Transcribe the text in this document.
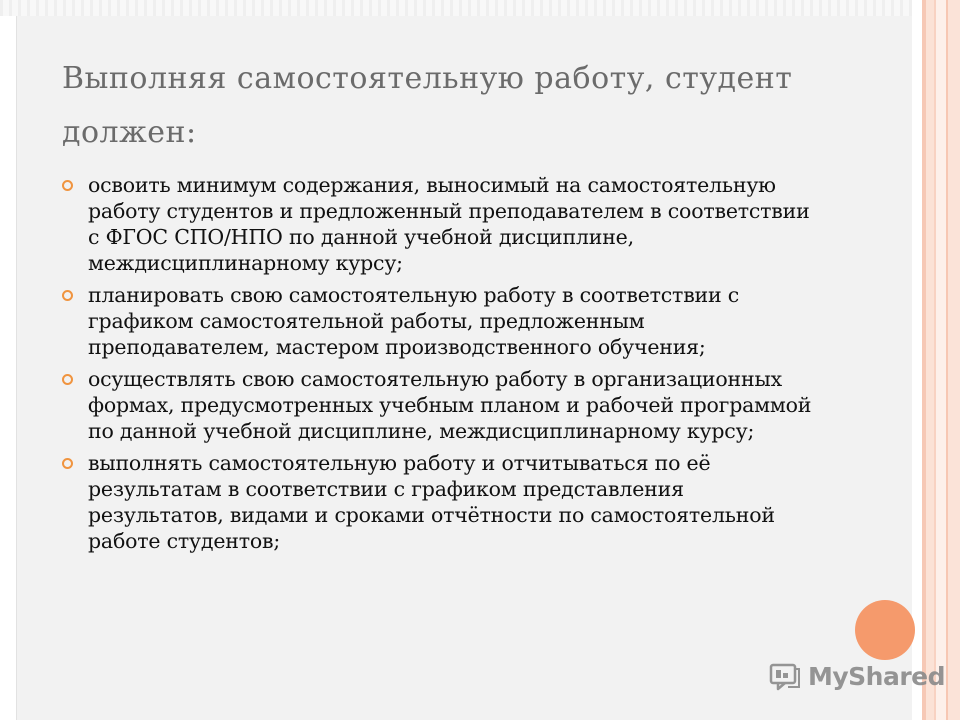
Выполняя самостоятельную работу, студент должен:
освоить минимум содержания, выносимый на самостоятельную работу студентов и предложенный преподавателем в соответствии с ФГОС СПО/НПО по данной учебной дисциплине, междисциплинарному курсу;
планировать свою самостоятельную работу в соответствии с графиком самостоятельной работы, предложенным преподавателем, мастером производственного обучения;
осуществлять свою самостоятельную работу в организационных формах, предусмотренных учебным планом и рабочей программой по данной учебной дисциплине, междисциплинарному курсу;
выполнять самостоятельную работу и отчитываться по её результатам в соответствии с графиком представления результатов, видами и сроками отчётности по самостоятельной работе студентов;
MyShared
